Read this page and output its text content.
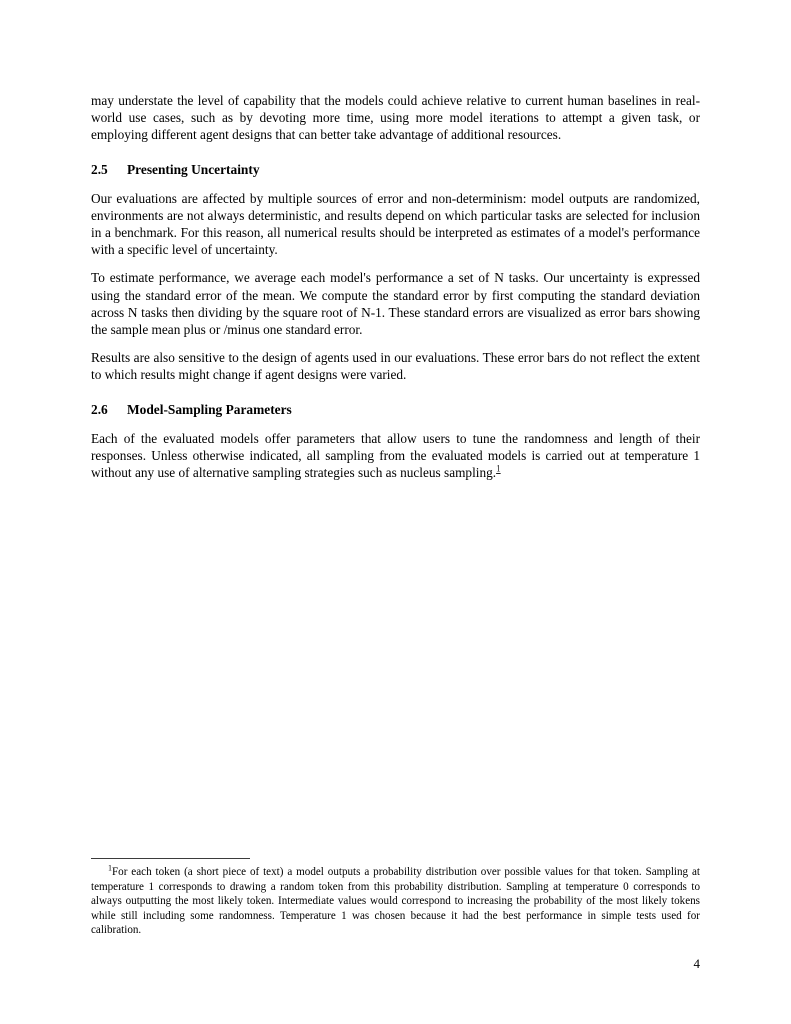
may understate the level of capability that the models could achieve relative to current human baselines in real-world use cases, such as by devoting more time, using more model iterations to attempt a given task, or employing different agent designs that can better take advantage of additional resources.

2.5 Presenting Uncertainty

Our evaluations are affected by multiple sources of error and non-determinism: model outputs are randomized, environments are not always deterministic, and results depend on which particular tasks are selected for inclusion in a benchmark. For this reason, all numerical results should be interpreted as estimates of a model's performance with a specific level of uncertainty.

To estimate performance, we average each model's performance a set of N tasks. Our uncertainty is expressed using the standard error of the mean. We compute the standard error by first computing the standard deviation across N tasks then dividing by the square root of N-1. These standard errors are visualized as error bars showing the sample mean plus or /minus one standard error.

Results are also sensitive to the design of agents used in our evaluations. These error bars do not reflect the extent to which results might change if agent designs were varied.

2.6 Model-Sampling Parameters

Each of the evaluated models offer parameters that allow users to tune the randomness and length of their responses. Unless otherwise indicated, all sampling from the evaluated models is carried out at temperature 1 without any use of alternative sampling strategies such as nucleus sampling.$^1$

$^1$For each token (a short piece of text) a model outputs a probability distribution over possible values for that token. Sampling at temperature 1 corresponds to drawing a random token from this probability distribution. Sampling at temperature 0 corresponds to always outputting the most likely token. Intermediate values would correspond to increasing the probability of the most likely tokens while still including some randomness. Temperature 1 was chosen because it had the best performance in simple tests used for calibration.

4
